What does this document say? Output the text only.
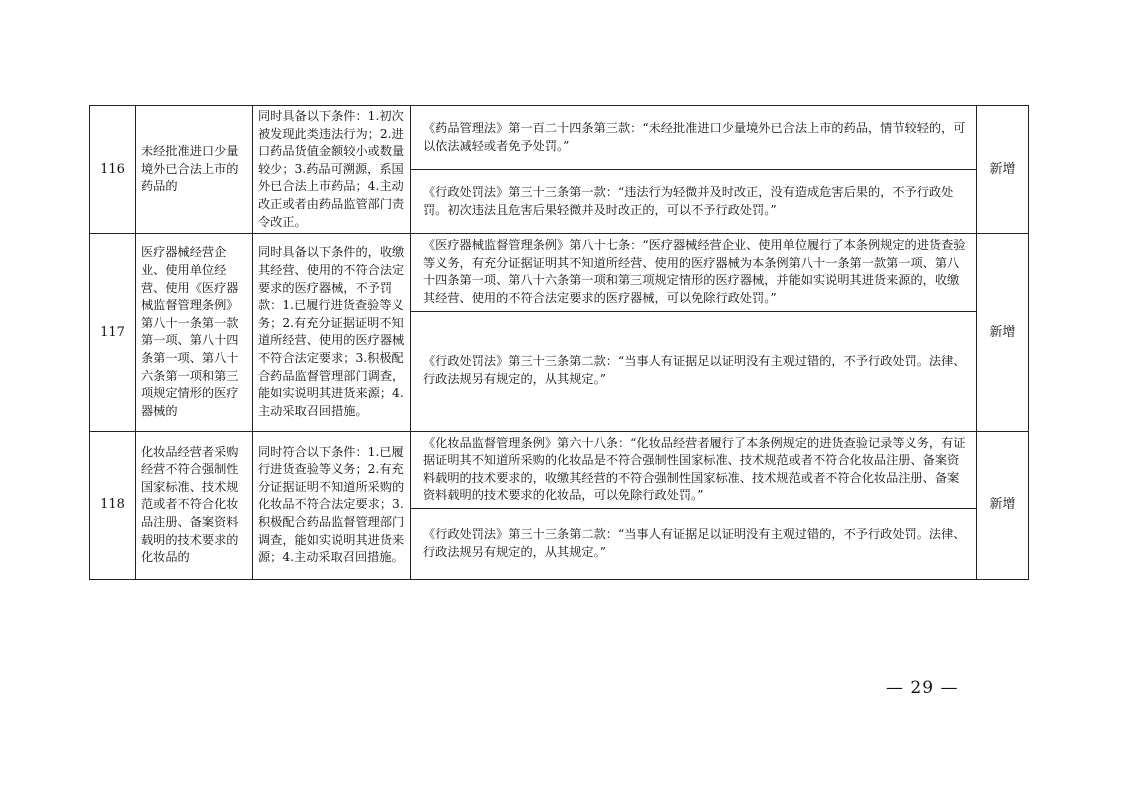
116	未经批准进口少量境外已合法上市的药品的	同时具备以下条件：1.初次被发现此类违法行为；2.进口药品货值金额较小或数量较少；3.药品可溯源，系国外已合法上市药品；4.主动改正或者由药品监管部门责令改正。	《药品管理法》第一百二十四条第三款：“未经批准进口少量境外已合法上市的药品，情节较轻的，可以依法减轻或者免予处罚。”	新增
			《行政处罚法》第三十三条第一款：“违法行为轻微并及时改正，没有造成危害后果的，不予行政处罚。初次违法且危害后果轻微并及时改正的，可以不予行政处罚。”	
117	医疗器械经营企业、使用单位经营、使用《医疗器械监督管理条例》第八十一条第一款第一项、第八十四条第一项、第八十六条第一项和第三项规定情形的医疗器械的	同时具备以下条件的，收缴其经营、使用的不符合法定要求的医疗器械，不予罚款：1.已履行进货查验等义务；2.有充分证据证明不知道所经营、使用的医疗器械不符合法定要求；3.积极配合药品监督管理部门调查，能如实说明其进货来源；4.主动采取召回措施。	《医疗器械监督管理条例》第八十七条：“医疗器械经营企业、使用单位履行了本条例规定的进货查验等义务，有充分证据证明其不知道所经营、使用的医疗器械为本条例第八十一条第一款第一项、第八十四条第一项、第八十六条第一项和第三项规定情形的医疗器械，并能如实说明其进货来源的，收缴其经营、使用的不符合法定要求的医疗器械，可以免除行政处罚。”	新增
			《行政处罚法》第三十三条第二款：“当事人有证据足以证明没有主观过错的，不予行政处罚。法律、行政法规另有规定的，从其规定。”	
118	化妆品经营者采购经营不符合强制性国家标准、技术规范或者不符合化妆品注册、备案资料载明的技术要求的化妆品的	同时符合以下条件：1.已履行进货查验等义务；2.有充分证据证明不知道所采购的化妆品不符合法定要求；3.积极配合药品监督管理部门调查，能如实说明其进货来源；4.主动采取召回措施。	《化妆品监督管理条例》第六十八条：“化妆品经营者履行了本条例规定的进货查验记录等义务，有证据证明其不知道所采购的化妆品是不符合强制性国家标准、技术规范或者不符合化妆品注册、备案资料载明的技术要求的，收缴其经营的不符合强制性国家标准、技术规范或者不符合化妆品注册、备案资料载明的技术要求的化妆品，可以免除行政处罚。”	新增
			《行政处罚法》第三十三条第二款：“当事人有证据足以证明没有主观过错的，不予行政处罚。法律、行政法规另有规定的，从其规定。”	
— 29 —
